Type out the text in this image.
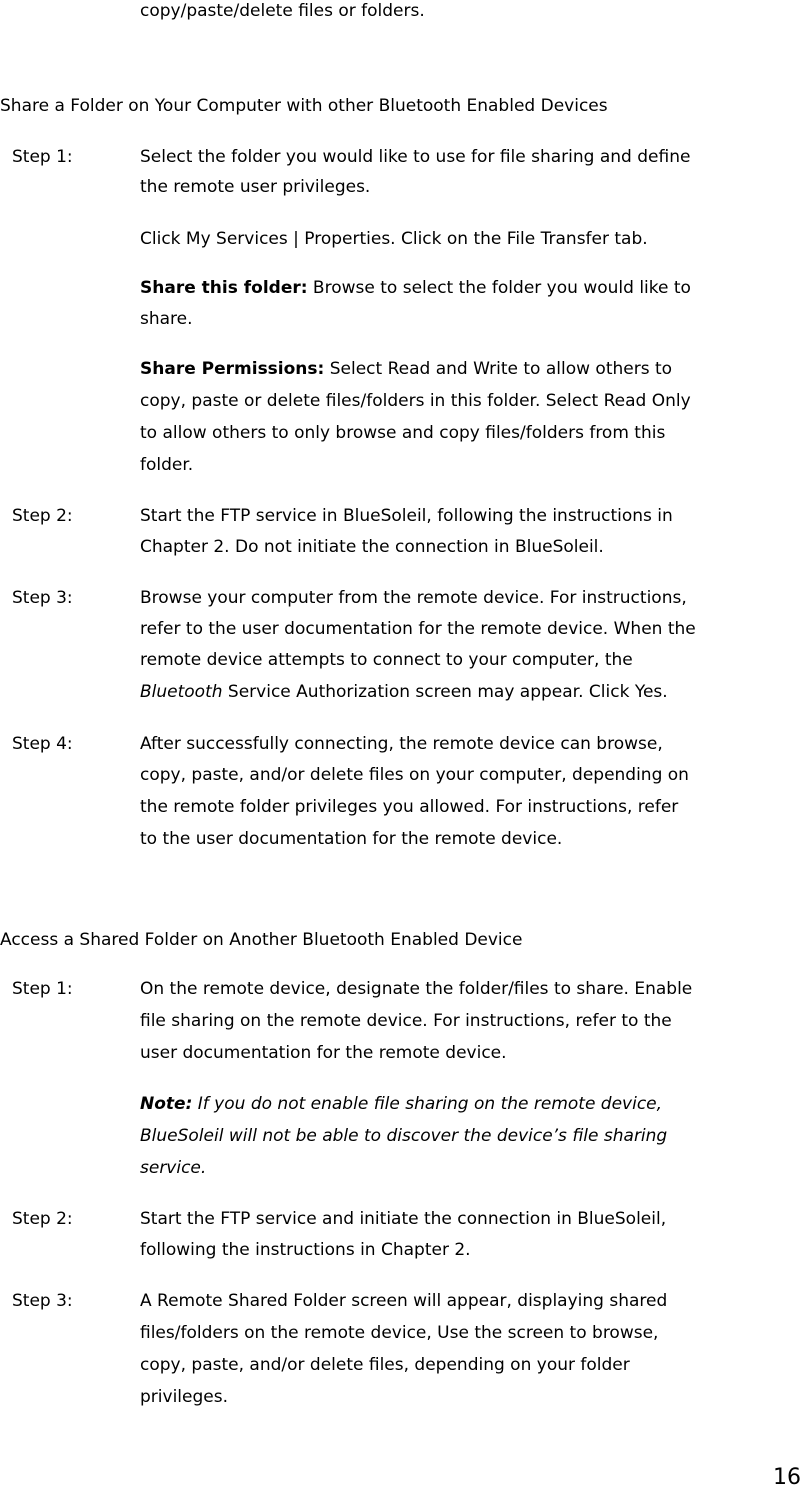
copy/paste/delete files or folders.
Share a Folder on Your Computer with other Bluetooth Enabled Devices
Step 1:	Select the folder you would like to use for file sharing and define
the remote user privileges.
Click My Services | Properties. Click on the File Transfer tab.
Share this folder: Browse to select the folder you would like to
share.
Share Permissions: Select Read and Write to allow others to
copy, paste or delete files/folders in this folder. Select Read Only
to allow others to only browse and copy files/folders from this
folder.
Step 2:	Start the FTP service in BlueSoleil, following the instructions in
Chapter 2. Do not initiate the connection in BlueSoleil.
Step 3:	Browse your computer from the remote device. For instructions,
refer to the user documentation for the remote device. When the
remote device attempts to connect to your computer, the
Bluetooth Service Authorization screen may appear. Click Yes.
Step 4:	After successfully connecting, the remote device can browse,
copy, paste, and/or delete files on your computer, depending on
the remote folder privileges you allowed. For instructions, refer
to the user documentation for the remote device.
Access a Shared Folder on Another Bluetooth Enabled Device
Step 1:	On the remote device, designate the folder/files to share. Enable
file sharing on the remote device. For instructions, refer to the
user documentation for the remote device.
Note: If you do not enable file sharing on the remote device,
BlueSoleil will not be able to discover the device’s file sharing
service.
Step 2:	Start the FTP service and initiate the connection in BlueSoleil,
following the instructions in Chapter 2.
Step 3:	A Remote Shared Folder screen will appear, displaying shared
files/folders on the remote device, Use the screen to browse,
copy, paste, and/or delete files, depending on your folder
privileges.
16
